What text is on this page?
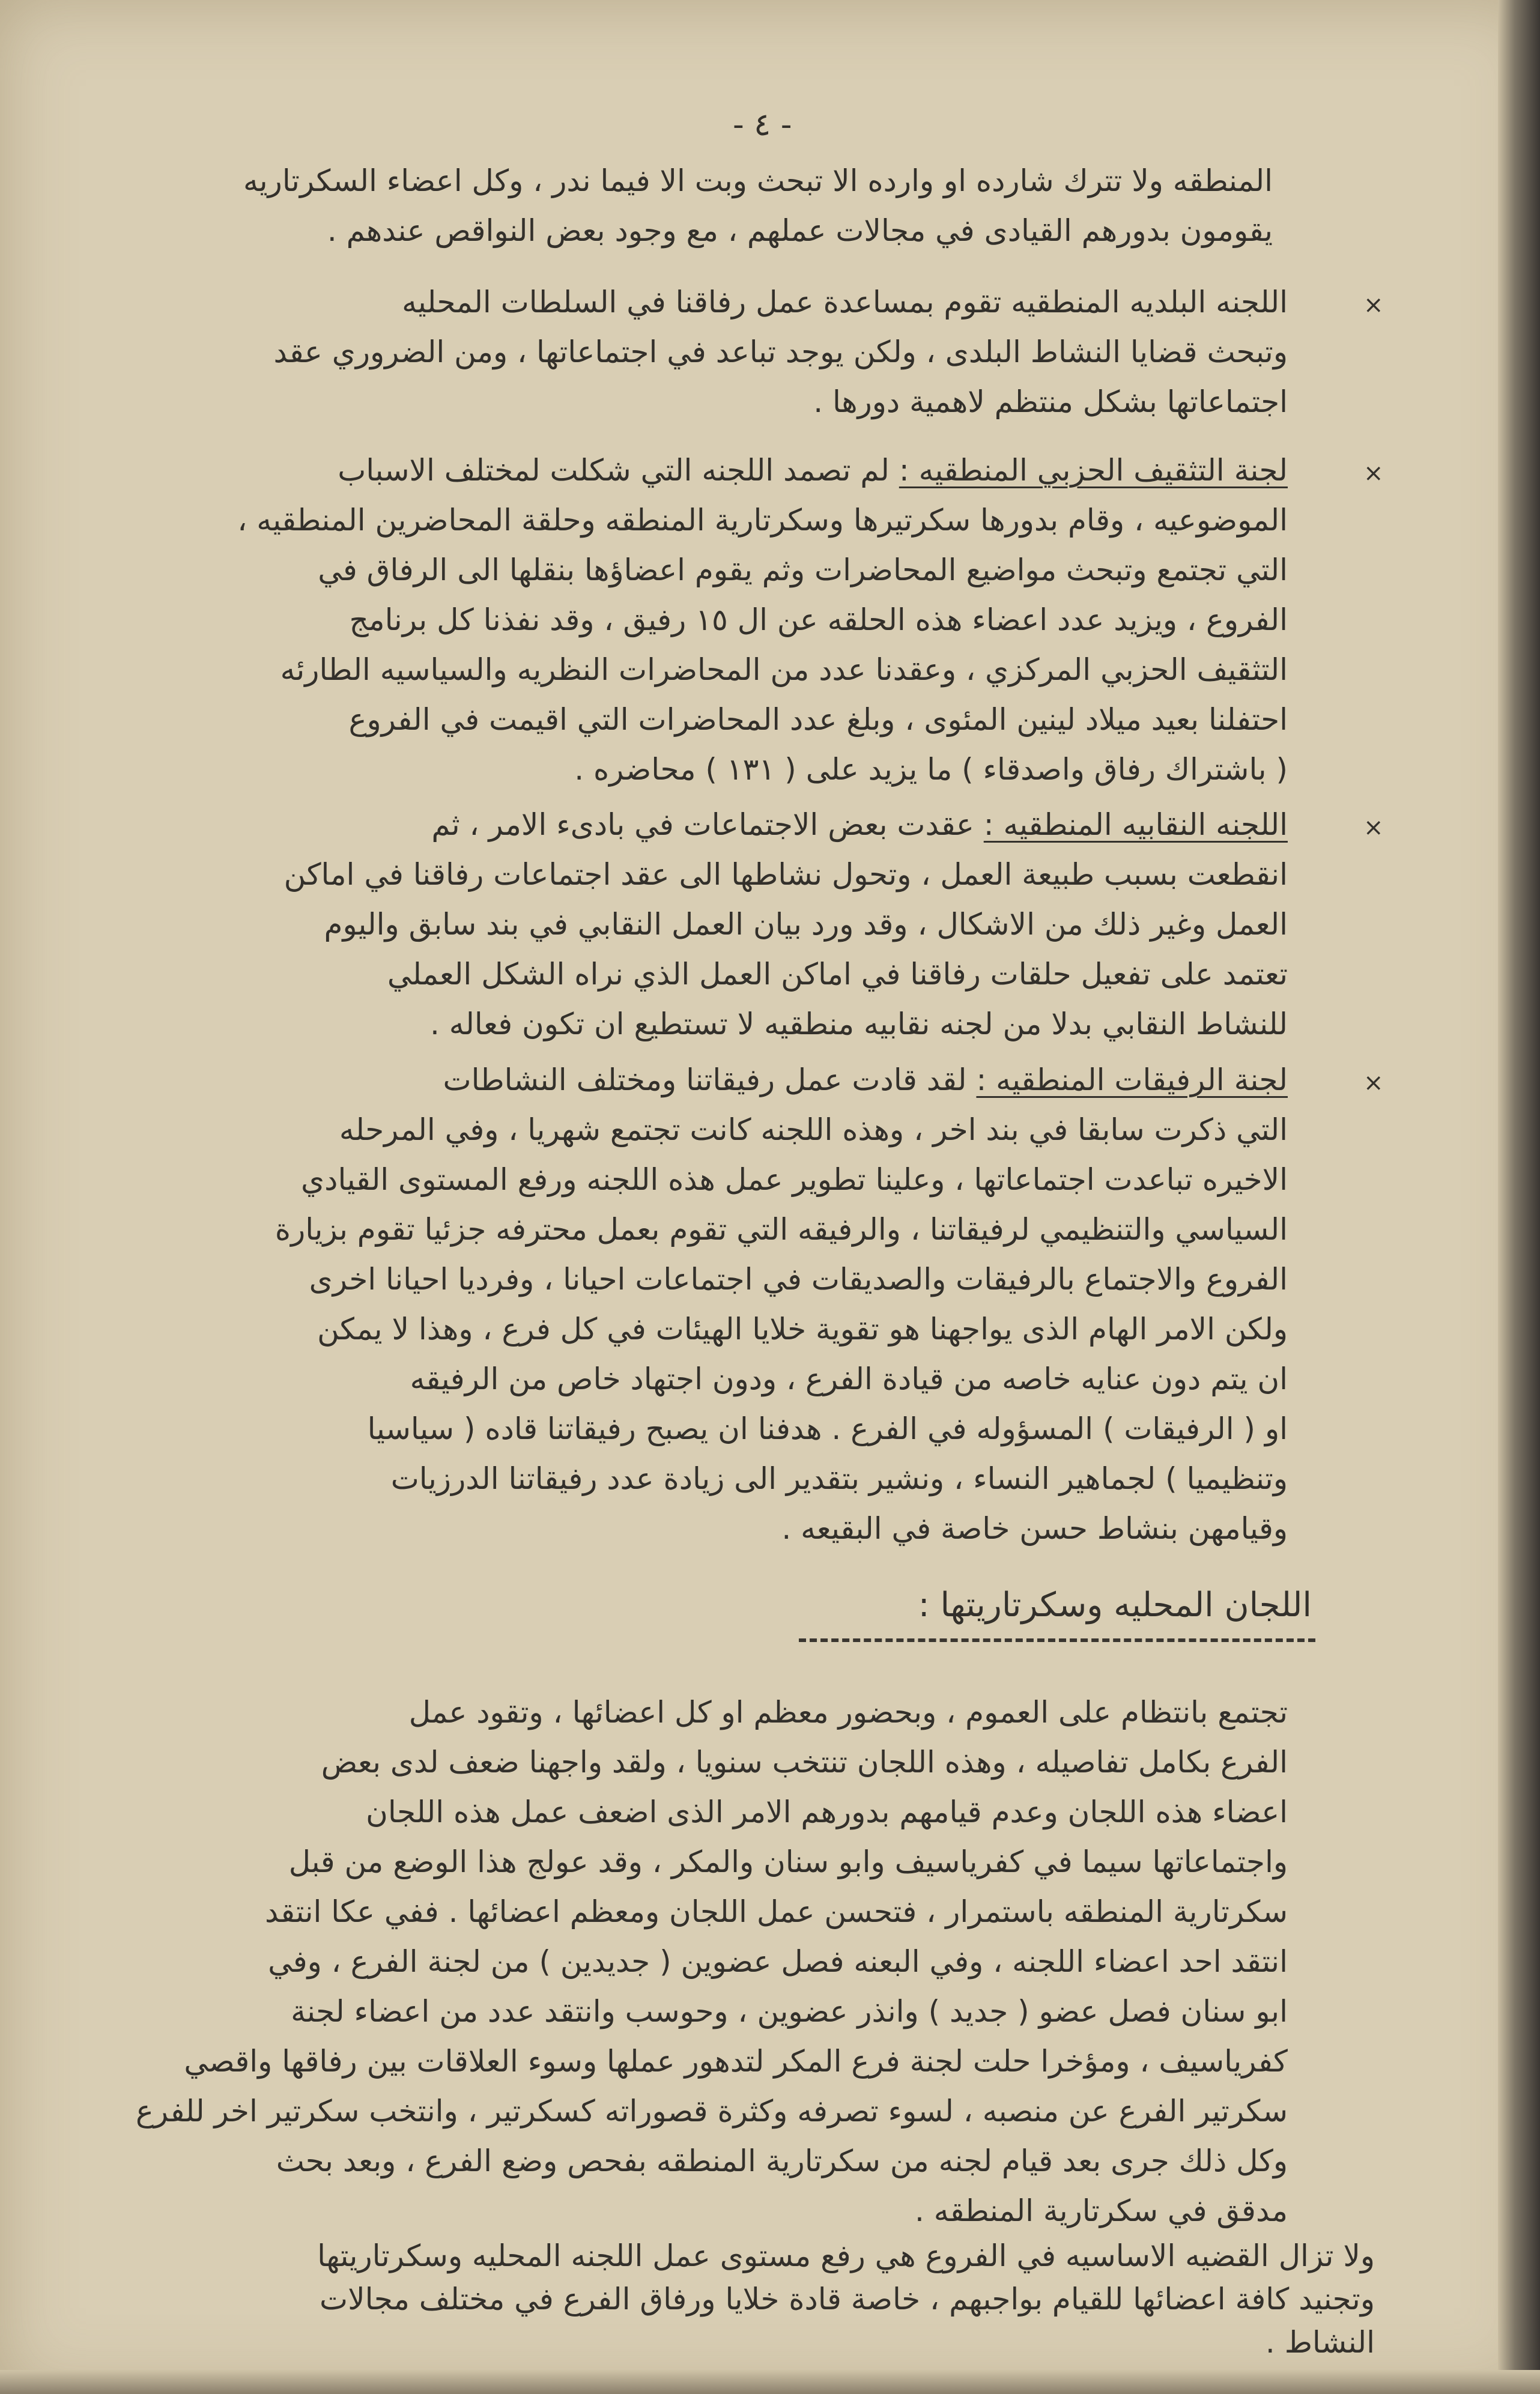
- ٤ -
المنطقه ولا تترك شارده او وارده الا تبحث وبت الا فيما ندر ، وكل اعضاء السكرتاريه
يقومون بدورهم القيادى في مجالات عملهم ، مع وجود بعض النواقص عندهم .
×
اللجنه البلديه المنطقيه تقوم بمساعدة عمل رفاقنا في السلطات المحليه
وتبحث قضايا النشاط البلدى ، ولكن يوجد تباعد في اجتماعاتها ، ومن الضروري عقد
اجتماعاتها بشكل منتظم لاهمية دورها .
×
لجنة التثقيف الحزبي المنطقيه : لم تصمد اللجنه التي شكلت لمختلف الاسباب
الموضوعيه ، وقام بدورها سكرتيرها وسكرتارية المنطقه وحلقة المحاضرين المنطقيه ،
التي تجتمع وتبحث مواضيع المحاضرات وثم يقوم اعضاؤها بنقلها الى الرفاق في
الفروع ، ويزيد عدد اعضاء هذه الحلقه عن ال ١٥ رفيق ، وقد نفذنا كل برنامج
التثقيف الحزبي المركزي ، وعقدنا عدد من المحاضرات النظريه والسياسيه الطارئه
احتفلنا بعيد ميلاد لينين المئوى ، وبلغ عدد المحاضرات التي اقيمت في الفروع
( باشتراك رفاق واصدقاء ) ما يزيد على ( ١٣١ ) محاضره .
×
اللجنه النقابيه المنطقيه : عقدت بعض الاجتماعات في بادىء الامر ، ثم
انقطعت بسبب طبيعة العمل ، وتحول نشاطها الى عقد اجتماعات رفاقنا في اماكن
العمل وغير ذلك من الاشكال ، وقد ورد بيان العمل النقابي في بند سابق واليوم
تعتمد على تفعيل حلقات رفاقنا في اماكن العمل الذي نراه الشكل العملي
للنشاط النقابي بدلا من لجنه نقابيه منطقيه لا تستطيع ان تكون فعاله .
×
لجنة الرفيقات المنطقيه : لقد قادت عمل رفيقاتنا ومختلف النشاطات
التي ذكرت سابقا في بند اخر ، وهذه اللجنه كانت تجتمع شهريا ، وفي المرحله
الاخيره تباعدت اجتماعاتها ، وعلينا تطوير عمل هذه اللجنه ورفع المستوى القيادي
السياسي والتنظيمي لرفيقاتنا ، والرفيقه التي تقوم بعمل محترفه جزئيا تقوم بزيارة
الفروع والاجتماع بالرفيقات والصديقات في اجتماعات احيانا ، وفرديا احيانا اخرى
ولكن الامر الهام الذى يواجهنا هو تقوية خلايا الهيئات في كل فرع ، وهذا لا يمكن
ان يتم دون عنايه خاصه من قيادة الفرع ، ودون اجتهاد خاص من الرفيقه
او ( الرفيقات ) المسؤوله في الفرع . هدفنا ان يصبح رفيقاتنا قاده ( سياسيا
وتنظيميا ) لجماهير النساء ، ونشير بتقدير الى زيادة عدد رفيقاتنا الدرزيات
وقيامهن بنشاط حسن خاصة في البقيعه .
اللجان المحليه وسكرتاريتها :
تجتمع بانتظام على العموم ، وبحضور معظم او كل اعضائها ، وتقود عمل
الفرع بكامل تفاصيله ، وهذه اللجان تنتخب سنويا ، ولقد واجهنا ضعف لدى بعض
اعضاء هذه اللجان وعدم قيامهم بدورهم الامر الذى اضعف عمل هذه اللجان
واجتماعاتها سيما في كفرياسيف وابو سنان والمكر ، وقد عولج هذا الوضع من قبل
سكرتارية المنطقه باستمرار ، فتحسن عمل اللجان ومعظم اعضائها . ففي عكا انتقد
انتقد احد اعضاء اللجنه ، وفي البعنه فصل عضوين ( جديدين ) من لجنة الفرع ، وفي
ابو سنان فصل عضو ( جديد ) وانذر عضوين ، وحوسب وانتقد عدد من اعضاء لجنة
كفرياسيف ، ومؤخرا حلت لجنة فرع المكر لتدهور عملها وسوء العلاقات بين رفاقها واقصي
سكرتير الفرع عن منصبه ، لسوء تصرفه وكثرة قصوراته كسكرتير ، وانتخب سكرتير اخر للفرع
وكل ذلك جرى بعد قيام لجنه من سكرتارية المنطقه بفحص وضع الفرع ، وبعد بحث
مدقق في سكرتارية المنطقه .
ولا تزال القضيه الاساسيه في الفروع هي رفع مستوى عمل اللجنه المحليه وسكرتاريتها
وتجنيد كافة اعضائها للقيام بواجبهم ، خاصة قادة خلايا ورفاق الفرع في مختلف مجالات
النشاط .
